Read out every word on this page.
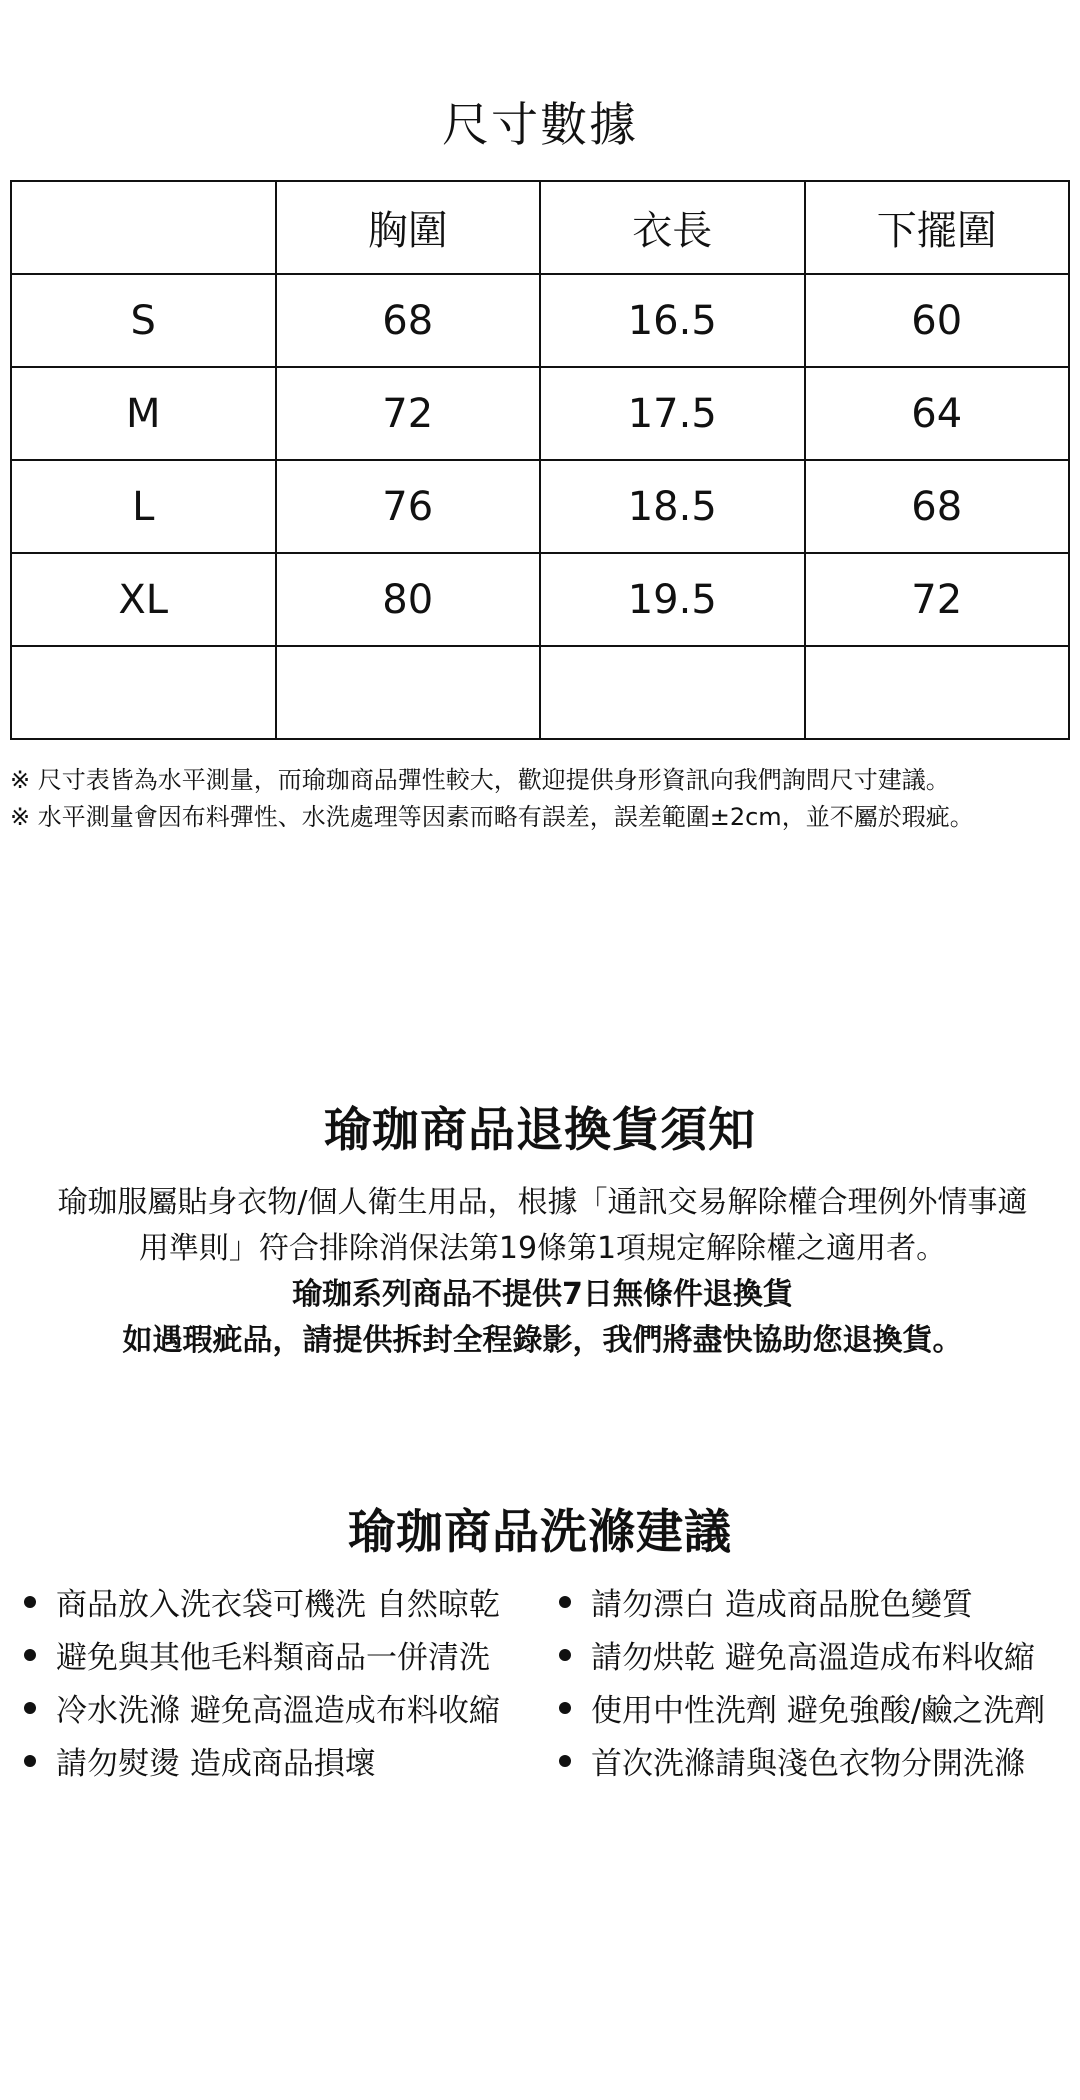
尺寸數據
	胸圍	衣長	下擺圍
S	68	16.5	60
M	72	17.5	64
L	76	18.5	68
XL	80	19.5	72

※ 尺寸表皆為水平測量，而瑜珈商品彈性較大，歡迎提供身形資訊向我們詢問尺寸建議。
※ 水平測量會因布料彈性、水洗處理等因素而略有誤差，誤差範圍±2cm，並不屬於瑕疵。
瑜珈商品退換貨須知

瑜珈服屬貼身衣物/個人衛生用品，根據「通訊交易解除權合理例外情事適

用準則」符合排除消保法第19條第1項規定解除權之適用者。

瑜珈系列商品不提供7日無條件退換貨

如遇瑕疵品，請提供拆封全程錄影，我們將盡快協助您退換貨。

瑜珈商品洗滌建議
商品放入洗衣袋可機洗 自然晾乾	請勿漂白 造成商品脫色變質
避免與其他毛料類商品一併清洗	請勿烘乾 避免高溫造成布料收縮
冷水洗滌 避免高溫造成布料收縮	使用中性洗劑 避免強酸/鹼之洗劑
請勿熨燙 造成商品損壞	首次洗滌請與淺色衣物分開洗滌
